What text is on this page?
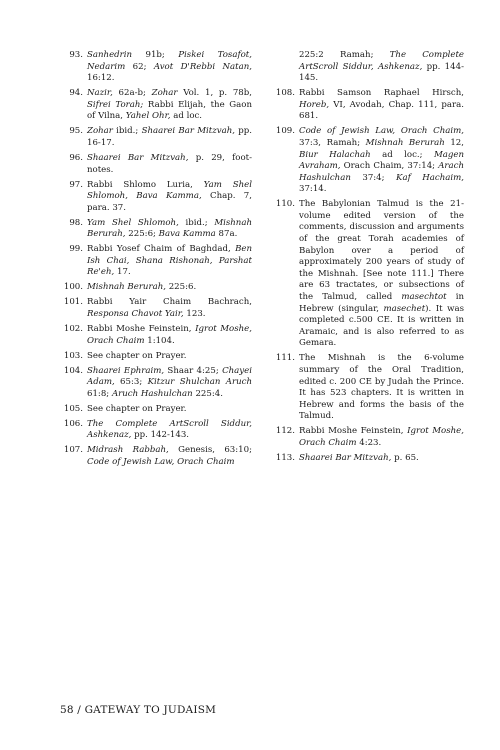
93. Sanhedrin 91b; Piskei Tosafot, Nedarim 62; Avot D'Rebbi Natan, 16:12.
94. Nazir, 62a-b; Zohar Vol. 1, p. 78b, Sifrei Torah; Rabbi Elijah, the Gaon of Vilna, Yahel Ohr, ad loc.
95. Zohar ibid.; Shaarei Bar Mitzvah, pp. 16-17.
96. Shaarei Bar Mitzvah, p. 29, foot-notes.
97. Rabbi Shlomo Luria, Yam Shel Shlomoh, Bava Kamma, Chap. 7, para. 37.
98. Yam Shel Shlomoh, ibid.; Mishnah Berurah, 225:6; Bava Kamma 87a.
99. Rabbi Yosef Chaim of Baghdad, Ben Ish Chai, Shana Rishonah, Parshat Re'eh, 17.
100. Mishnah Berurah, 225:6.
101. Rabbi Yair Chaim Bachrach, Responsa Chavot Yair, 123.
102. Rabbi Moshe Feinstein, Igrot Moshe, Orach Chaim 1:104.
103. See chapter on Prayer.
104. Shaarei Ephraim, Shaar 4:25; Chayei Adam, 65:3; Kitzur Shulchan Aruch 61:8; Aruch Hashulchan 225:4.
105. See chapter on Prayer.
106. The Complete ArtScroll Siddur, Ashkenaz, pp. 142-143.
107. Midrash Rabbah, Genesis, 63:10; Code of Jewish Law, Orach Chaim
225:2 Ramah; The Complete ArtScroll Siddur, Ashkenaz, pp. 144-145.
108. Rabbi Samson Raphael Hirsch, Horeb, VI, Avodah, Chap. 111, para. 681.
109. Code of Jewish Law, Orach Chaim, 37:3, Ramah; Mishnah Berurah 12, Biur Halachah ad loc.; Magen Avraham, Orach Chaim, 37:14; Arach Hashulchan 37:4; Kaf Hachaim, 37:14.
110. The Babylonian Talmud is the 21-volume edited version of the comments, discussion and arguments of the great Torah academies of Babylon over a period of approximately 200 years of study of the Mishnah. [See note 111.] There are 63 tractates, or subsections of the Talmud, called masechtot in Hebrew (singular, masechet). It was completed c.500 CE. It is written in Aramaic, and is also referred to as Gemara.
111. The Mishnah is the 6-volume summary of the Oral Tradition, edited c. 200 CE by Judah the Prince. It has 523 chapters. It is written in Hebrew and forms the basis of the Talmud.
112. Rabbi Moshe Feinstein, Igrot Moshe, Orach Chaim 4:23.
113. Shaarei Bar Mitzvah, p. 65.
58 / GATEWAY TO JUDAISM
